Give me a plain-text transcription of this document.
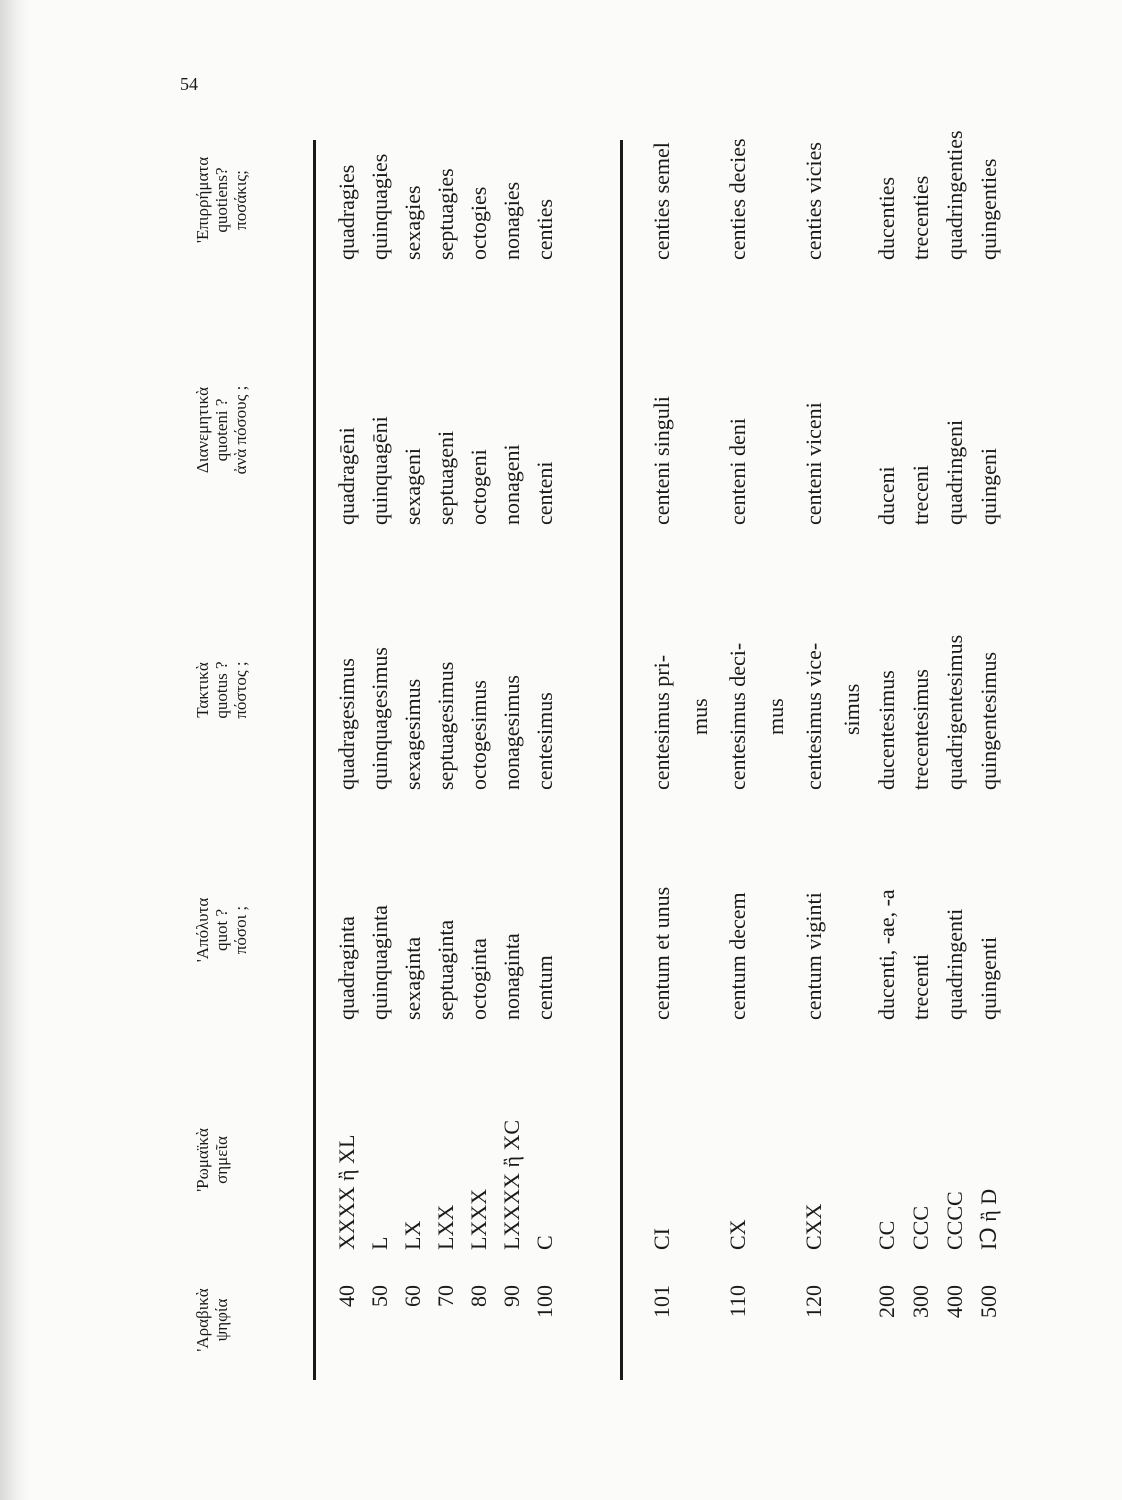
54
'Αραβικὰ ψηφία
'Ρωμαϊκὰ σημεῖα
'Απόλυτα quot ? πόσοι ;
Τακτικὰ quotus ? πόστος ;
Διανεμητικὰ quoteni ? ἀνὰ πόσους ;
'Επιρρήματα quotiens? ποσάκις;
40
XXXX ἢ XL
quadraginta
quadragesimus
quadragēni
quadragies
50
L
quinquaginta
quinquagesimus
quinquagēni
quinquagies
60
LX
sexaginta
sexagesimus
sexageni
sexagies
70
LXX
septuaginta
septuagesimus
septuageni
septuagies
80
LXXX
octoginta
octogesimus
octogeni
octogies
90
LXXXX ἢ XC
nonaginta
nonagesimus
nonageni
nonagies
100
C
centum
centesimus
centeni
centies
101
CI
centum et unus
centesimus pri-
centeni singuli
centies semel
mus
110
CX
centum decem
centesimus deci-
centeni deni
centies decies
mus
120
CXX
centum viginti
centesimus vice-
centeni viceni
centies vicies
simus
200
CC
ducenti, -ae, -a
ducentesimus
duceni
ducenties
300
CCC
trecenti
trecentesimus
treceni
trecenties
400
CCCC
quadringenti
quadrigentesimus
quadringeni
quadringenties
500
IↃ ἢ D
quingenti
quingentesimus
quingeni
quingenties
